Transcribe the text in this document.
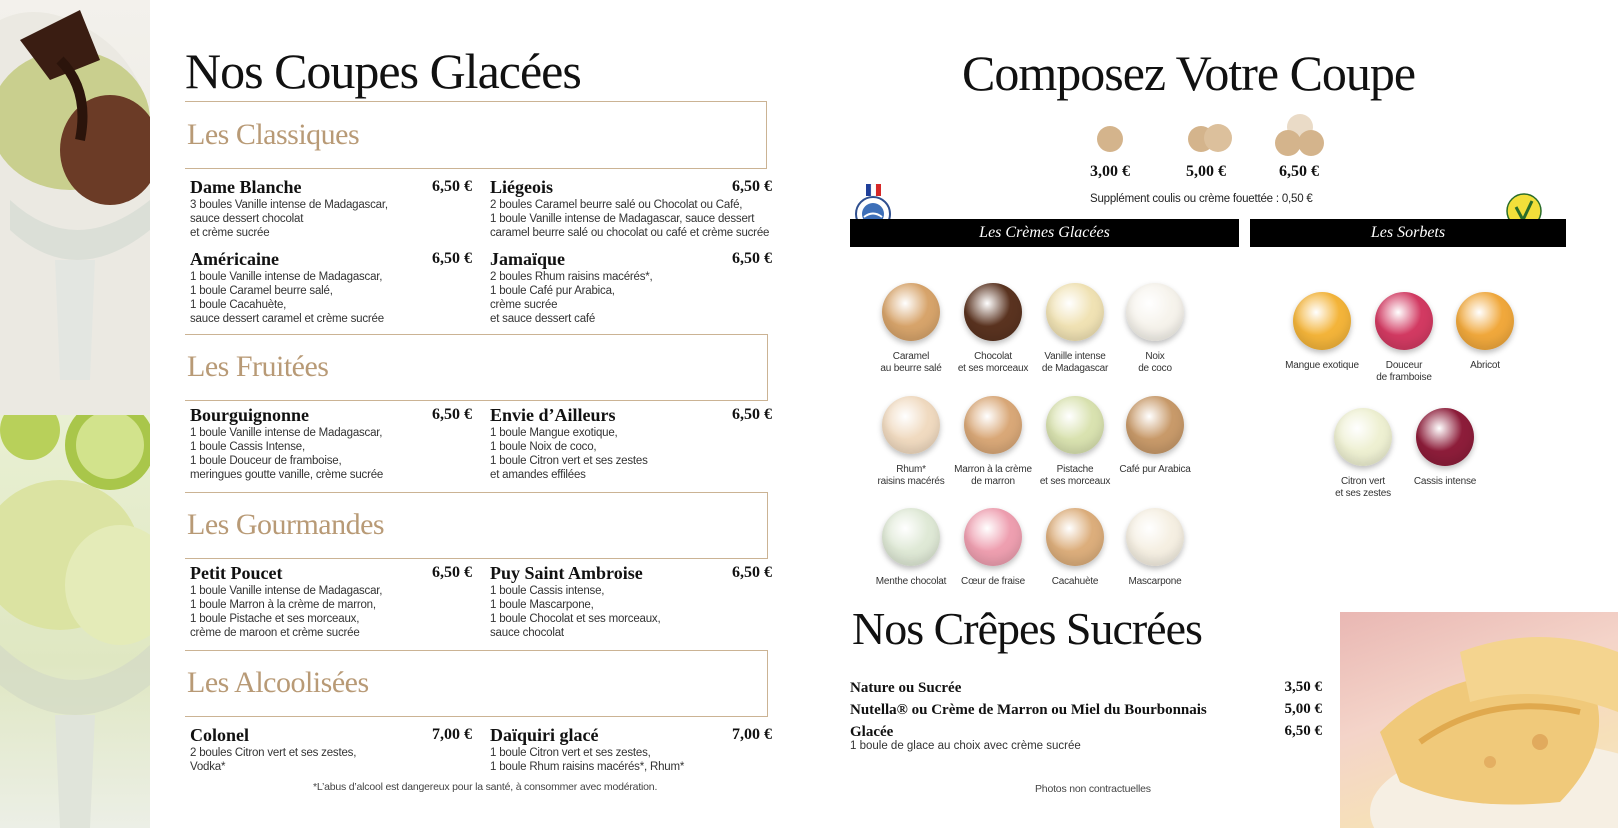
Nos Coupes Glacées
Les Classiques
Dame Blanche	6,50 €
3 boules Vanille intense de Madagascar,
sauce dessert chocolat
et crème sucrée
Liégeois	6,50 €
2 boules Caramel beurre salé ou Chocolat ou Café,
1 boule Vanille intense de Madagascar, sauce dessert
caramel beurre salé ou chocolat ou café et crème sucrée
Américaine	6,50 €
1 boule Vanille intense de Madagascar,
1 boule Caramel beurre salé,
1 boule Cacahuète,
sauce dessert caramel et crème sucrée
Jamaïque	6,50 €
2 boules Rhum raisins macérés*,
1 boule Café pur Arabica,
crème sucrée
et sauce dessert café
Les Fruitées
Bourguignonne	6,50 €
1 boule Vanille intense de Madagascar,
1 boule Cassis Intense,
1 boule Douceur de framboise,
meringues goutte vanille, crème sucrée
Envie d’Ailleurs	6,50 €
1 boule Mangue exotique,
1 boule Noix de coco,
1 boule Citron vert et ses zestes
et amandes effilées
Les Gourmandes
Petit Poucet	6,50 €
1 boule Vanille intense de Madagascar,
1 boule Marron à la crème de marron,
1 boule Pistache et ses morceaux,
crème de maroon et crème sucrée
Puy Saint Ambroise	6,50 €
1 boule Cassis intense,
1 boule Mascarpone,
1 boule Chocolat et ses morceaux,
sauce chocolat
Les Alcoolisées
Colonel	7,00 €
2 boules Citron vert et ses zestes,
Vodka*
Daïquiri glacé	7,00 €
1 boule Citron vert et ses zestes,
1 boule Rhum raisins macérés*, Rhum*
*L’abus d’alcool est dangereux pour la santé, à consommer avec modération.
Composez Votre Coupe
3,00 €	5,00 €	6,50 €
Supplément coulis ou crème fouettée : 0,50 €
Les Crèmes Glacées	Les Sorbets
Caramel
au beurre salé
Chocolat
et ses morceaux
Vanille intense
de Madagascar
Noix
de coco
Rhum*
raisins macérés
Marron à la crème
de marron
Pistache
et ses morceaux
Café pur Arabica
Menthe chocolat	Cœur de fraise	Cacahuète	Mascarpone
Mangue exotique	Douceur
de framboise
Abricot
Citron vert
et ses zestes
Cassis intense
Nos Crêpes Sucrées
Nature ou Sucrée	3,50 €
Nutella® ou Crème de Marron ou Miel du Bourbonnais	5,00 €
Glacée	6,50 €
1 boule de glace au choix avec crème sucrée
Photos non contractuelles
